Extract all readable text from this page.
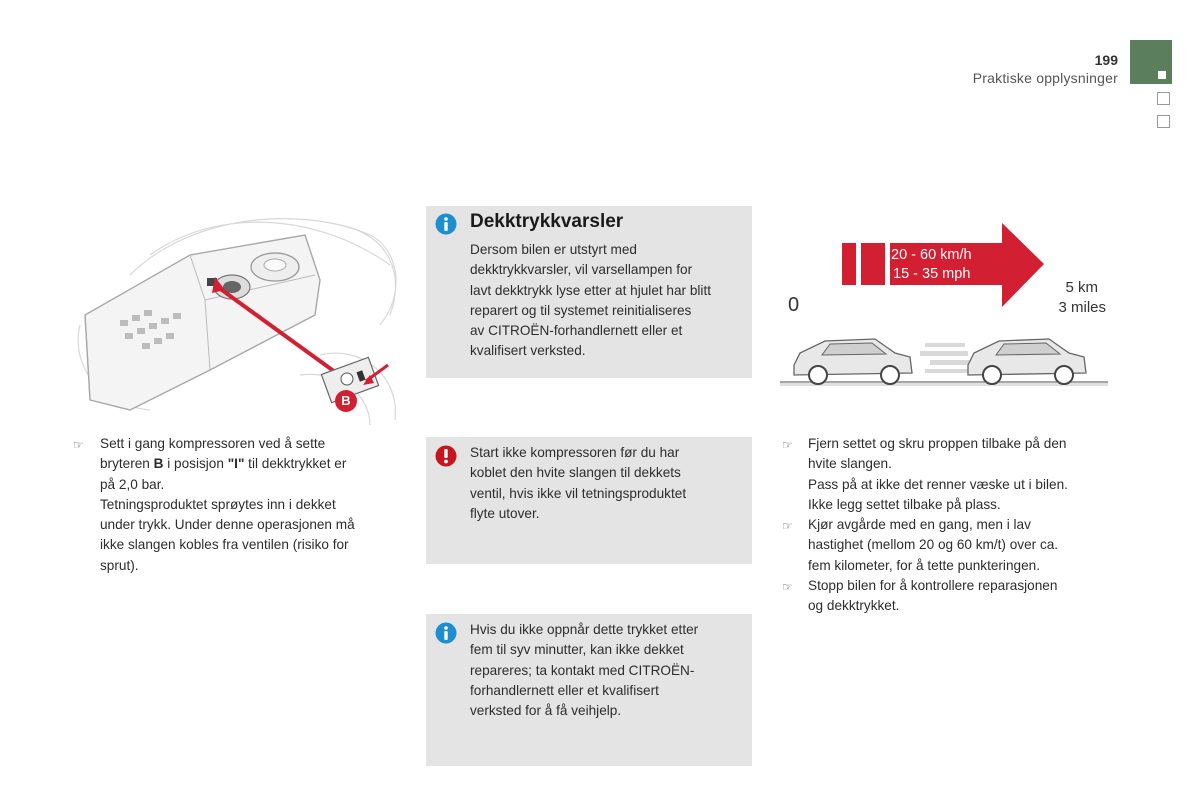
199
Praktiske opplysninger
B
☞ Sett i gang kompressoren ved å sette
bryteren B i posisjon "I" til dekktrykket er
på 2,0 bar.
Tetningsproduktet sprøytes inn i dekket
under trykk. Under denne operasjonen må
ikke slangen kobles fra ventilen (risiko for
sprut).
Dekktrykkvarsler
Dersom bilen er utstyrt med
dekktrykkvarsler, vil varsellampen for
lavt dekktrykk lyse etter at hjulet har blitt
reparert og til systemet reinitialiseres
av CITROËN-forhandlernett eller et
kvalifisert verksted.
Start ikke kompressoren før du har
koblet den hvite slangen til dekkets
ventil, hvis ikke vil tetningsproduktet
flyte utover.
Hvis du ikke oppnår dette trykket etter
fem til syv minutter, kan ikke dekket
repareres; ta kontakt med CITROËN-
forhandlernett eller et kvalifisert
verksted for å få veihjelp.
20 - 60 km/h
15 - 35 mph
0
5 km
3 miles
☞ Fjern settet og skru proppen tilbake på den
hvite slangen.
Pass på at ikke det renner væske ut i bilen.
Ikke legg settet tilbake på plass.
☞ Kjør avgårde med en gang, men i lav
hastighet (mellom 20 og 60 km/t) over ca.
fem kilometer, for å tette punkteringen.
☞ Stopp bilen for å kontrollere reparasjonen
og dekktrykket.
